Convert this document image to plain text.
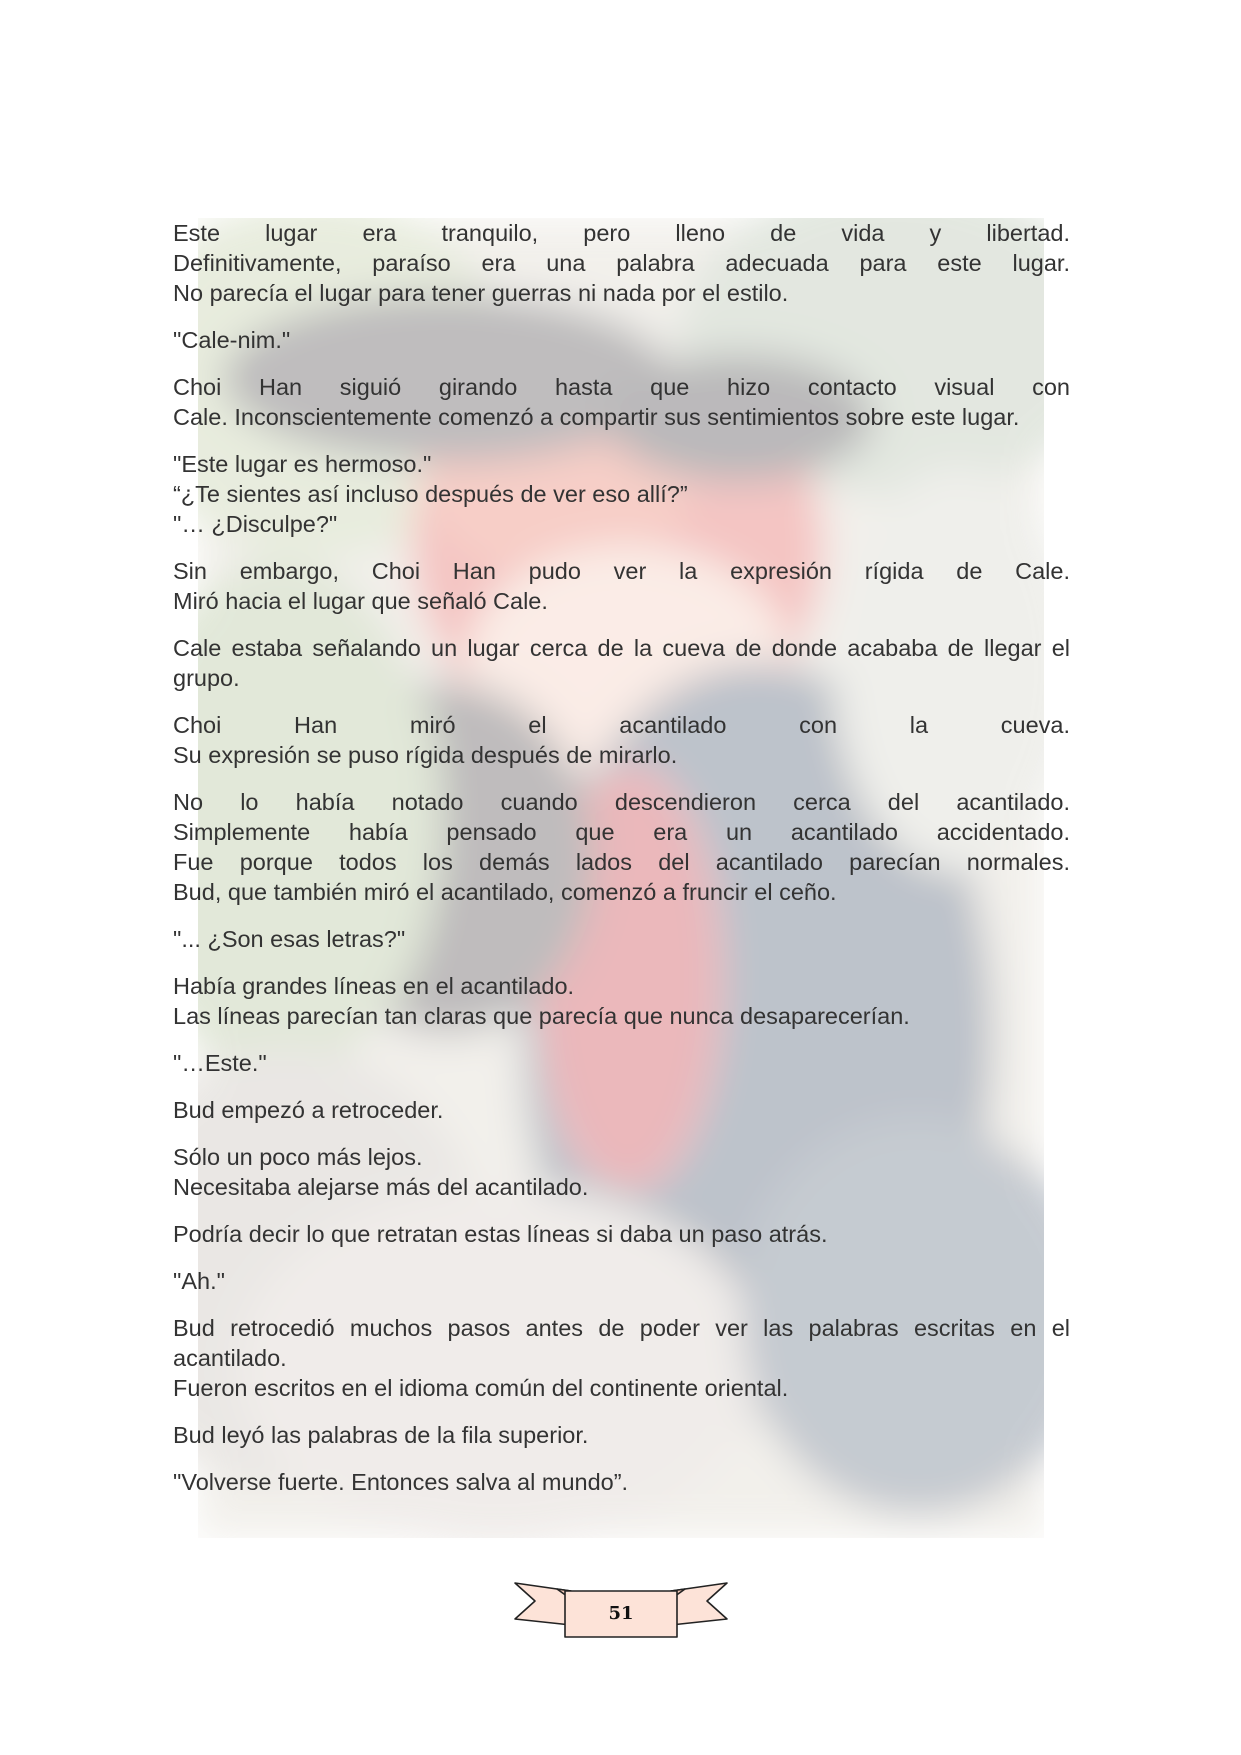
Este lugar era tranquilo, pero lleno de vida y libertad.
Definitivamente, paraíso era una palabra adecuada para este lugar.
No parecía el lugar para tener guerras ni nada por el estilo.

"Cale-nim."

Choi Han siguió girando hasta que hizo contacto visual con
Cale. Inconscientemente comenzó a compartir sus sentimientos sobre este lugar.

"Este lugar es hermoso."
“¿Te sientes así incluso después de ver eso allí?”
"… ¿Disculpe?"

Sin embargo, Choi Han pudo ver la expresión rígida de Cale.
Miró hacia el lugar que señaló Cale.

Cale estaba señalando un lugar cerca de la cueva de donde acababa de llegar el
grupo.

Choi Han miró el acantilado con la cueva.
Su expresión se puso rígida después de mirarlo.

No lo había notado cuando descendieron cerca del acantilado.
Simplemente había pensado que era un acantilado accidentado.
Fue porque todos los demás lados del acantilado parecían normales.
Bud, que también miró el acantilado, comenzó a fruncir el ceño.

"... ¿Son esas letras?"

Había grandes líneas en el acantilado.
Las líneas parecían tan claras que parecía que nunca desaparecerían.

"…Este."

Bud empezó a retroceder.

Sólo un poco más lejos.
Necesitaba alejarse más del acantilado.

Podría decir lo que retratan estas líneas si daba un paso atrás.

"Ah."

Bud retrocedió muchos pasos antes de poder ver las palabras escritas en el
acantilado.
Fueron escritos en el idioma común del continente oriental.

Bud leyó las palabras de la fila superior.

"Volverse fuerte. Entonces salva al mundo”.

51
